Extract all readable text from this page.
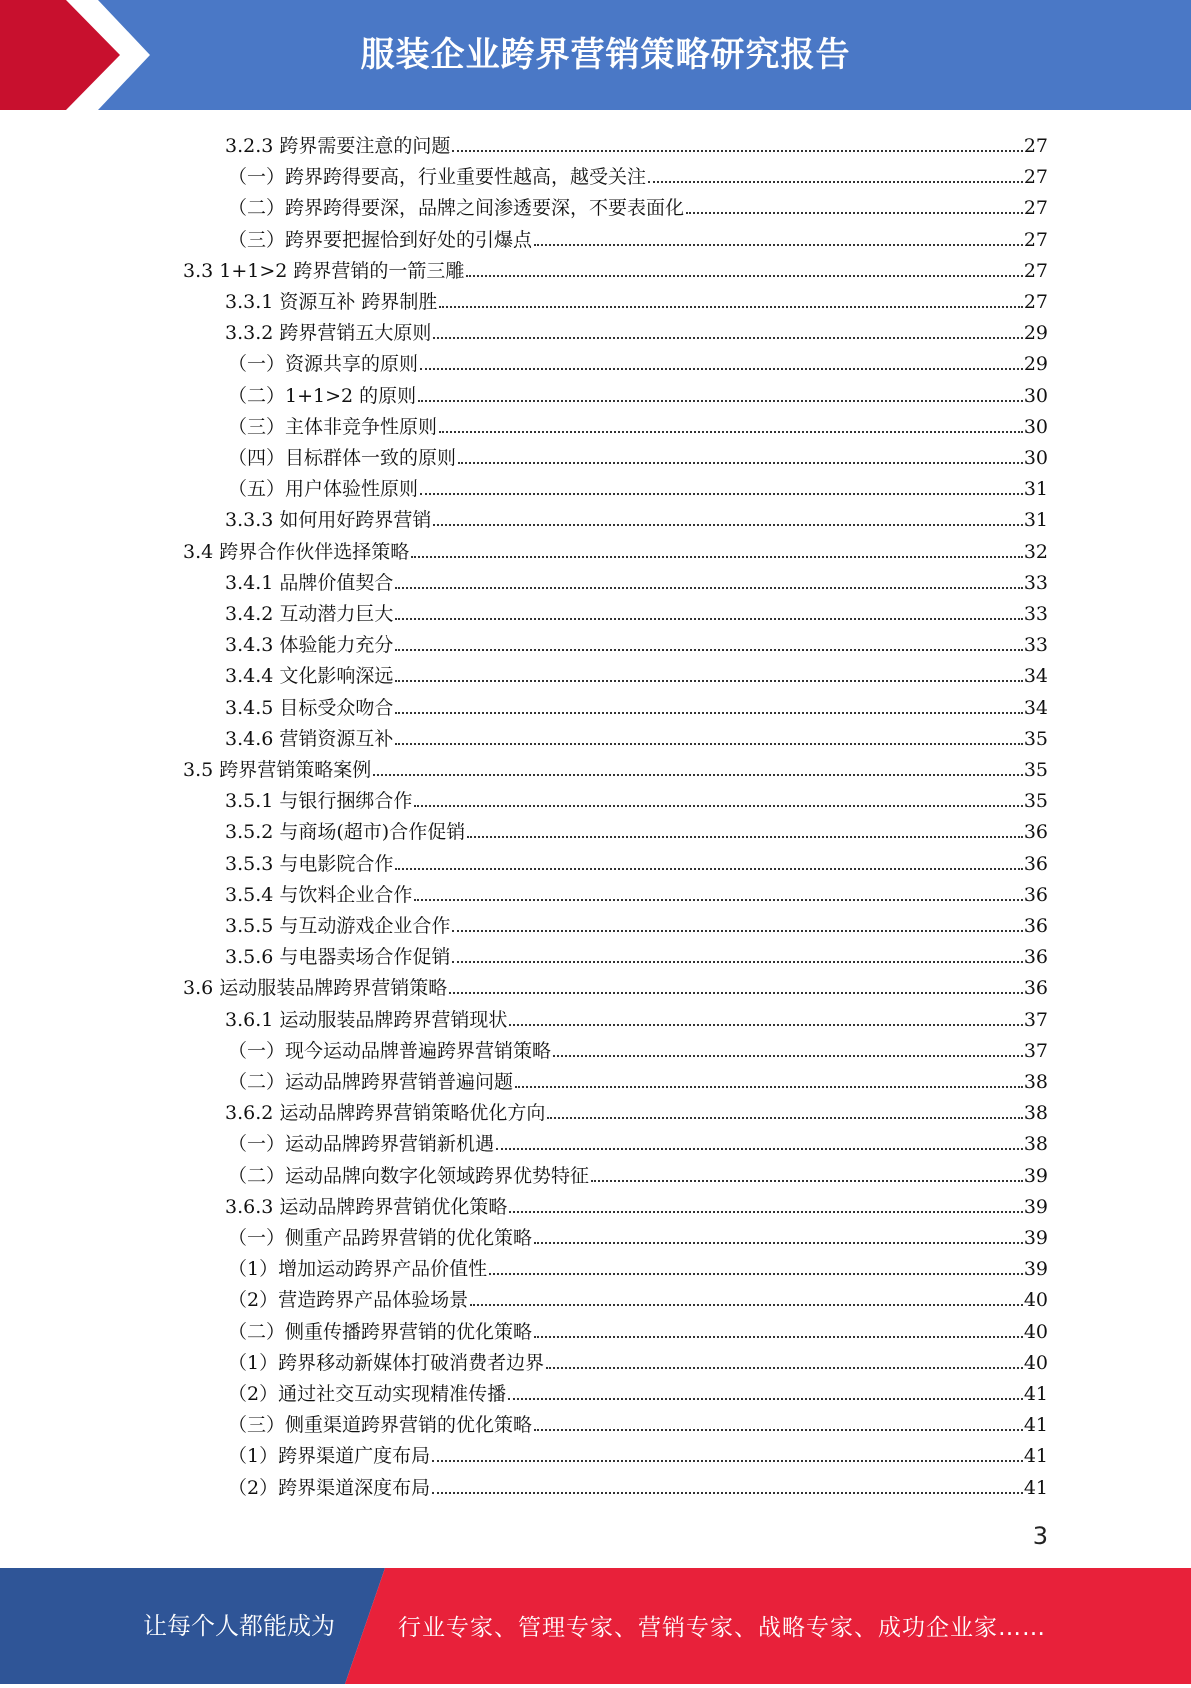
服装企业跨界营销策略研究报告
3.2.3 跨界需要注意的问题	27
（一）跨界跨得要高，行业重要性越高，越受关注	27
（二）跨界跨得要深，品牌之间渗透要深，不要表面化	27
（三）跨界要把握恰到好处的引爆点	27
3.3 1+1>2 跨界营销的一箭三雕	27
3.3.1 资源互补 跨界制胜	27
3.3.2 跨界营销五大原则	29
（一）资源共享的原则	29
（二）1+1>2 的原则	30
（三）主体非竞争性原则	30
（四）目标群体一致的原则	30
（五）用户体验性原则	31
3.3.3 如何用好跨界营销	31
3.4 跨界合作伙伴选择策略	32
3.4.1 品牌价值契合	33
3.4.2 互动潜力巨大	33
3.4.3 体验能力充分	33
3.4.4 文化影响深远	34
3.4.5 目标受众吻合	34
3.4.6 营销资源互补	35
3.5 跨界营销策略案例	35
3.5.1 与银行捆绑合作	35
3.5.2 与商场(超市)合作促销	36
3.5.3 与电影院合作	36
3.5.4 与饮料企业合作	36
3.5.5 与互动游戏企业合作	36
3.5.6 与电器卖场合作促销	36
3.6 运动服装品牌跨界营销策略	36
3.6.1 运动服装品牌跨界营销现状	37
（一）现今运动品牌普遍跨界营销策略	37
（二）运动品牌跨界营销普遍问题	38
3.6.2 运动品牌跨界营销策略优化方向	38
（一）运动品牌跨界营销新机遇	38
（二）运动品牌向数字化领域跨界优势特征	39
3.6.3 运动品牌跨界营销优化策略	39
（一）侧重产品跨界营销的优化策略	39
（1）增加运动跨界产品价值性	39
（2）营造跨界产品体验场景	40
（二）侧重传播跨界营销的优化策略	40
（1）跨界移动新媒体打破消费者边界	40
（2）通过社交互动实现精准传播	41
（三）侧重渠道跨界营销的优化策略	41
（1）跨界渠道广度布局	41
（2）跨界渠道深度布局	41
3
让每个人都能成为	行业专家、管理专家、营销专家、战略专家、成功企业家……
